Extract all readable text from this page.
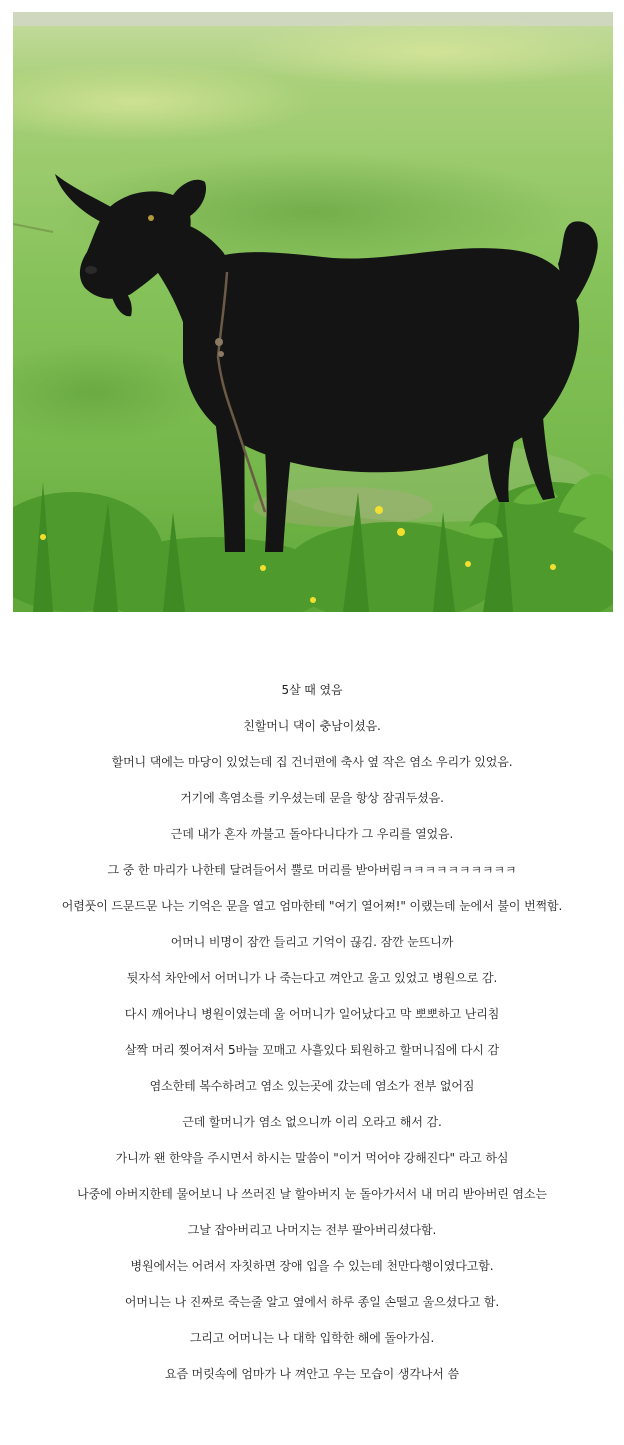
5살 때 였음

친할머니 댁이 충남이셨음.

할머니 댁에는 마당이 있었는데 집 건너편에 축사 옆 작은 염소 우리가 있었음.

거기에 흑염소를 키우셨는데 문을 항상 잠궈두셨음.

근데 내가 혼자 까불고 돌아다니다가 그 우리를 열었음.

그 중 한 마리가 나한테 달려들어서 뿔로 머리를 받아버림ㅋㅋㅋㅋㅋㅋㅋㅋㅋㅋ

어렴풋이 드문드문 나는 기억은 문을 열고 엄마한테 "여기 열어쪄!" 이랬는데 눈에서 불이 번쩍함.

어머니 비명이 잠깐 들리고 기억이 끊김. 잠깐 눈뜨니까

뒷자석 차안에서 어머니가 나 죽는다고 껴안고 울고 있었고 병원으로 감.

다시 깨어나니 병원이였는데 울 어머니가 일어났다고 막 뽀뽀하고 난리침

살짝 머리 찢어져서 5바늘 꼬매고 사흘있다 퇴원하고 할머니집에 다시 감

염소한테 복수하려고 염소 있는곳에 갔는데 염소가 전부 없어짐

근데 할머니가 염소 없으니까 이리 오라고 해서 감.

가니까 왠 한약을 주시면서 하시는 말씀이 "이거 먹어야 강해진다" 라고 하심

나중에 아버지한테 물어보니 나 쓰러진 날 할아버지 눈 돌아가서서 내 머리 받아버린 염소는

그날 잡아버리고 나머지는 전부 팔아버리셨다함.

병원에서는 어려서 자칫하면 장애 입을 수 있는데 천만다행이였다고함.

어머니는 나 진짜로 죽는줄 알고 옆에서 하루 종일 손떨고 울으셨다고 함.

그리고 어머니는 나 대학 입학한 해에 돌아가심.

요즘 머릿속에 엄마가 나 껴안고 우는 모습이 생각나서 씀
